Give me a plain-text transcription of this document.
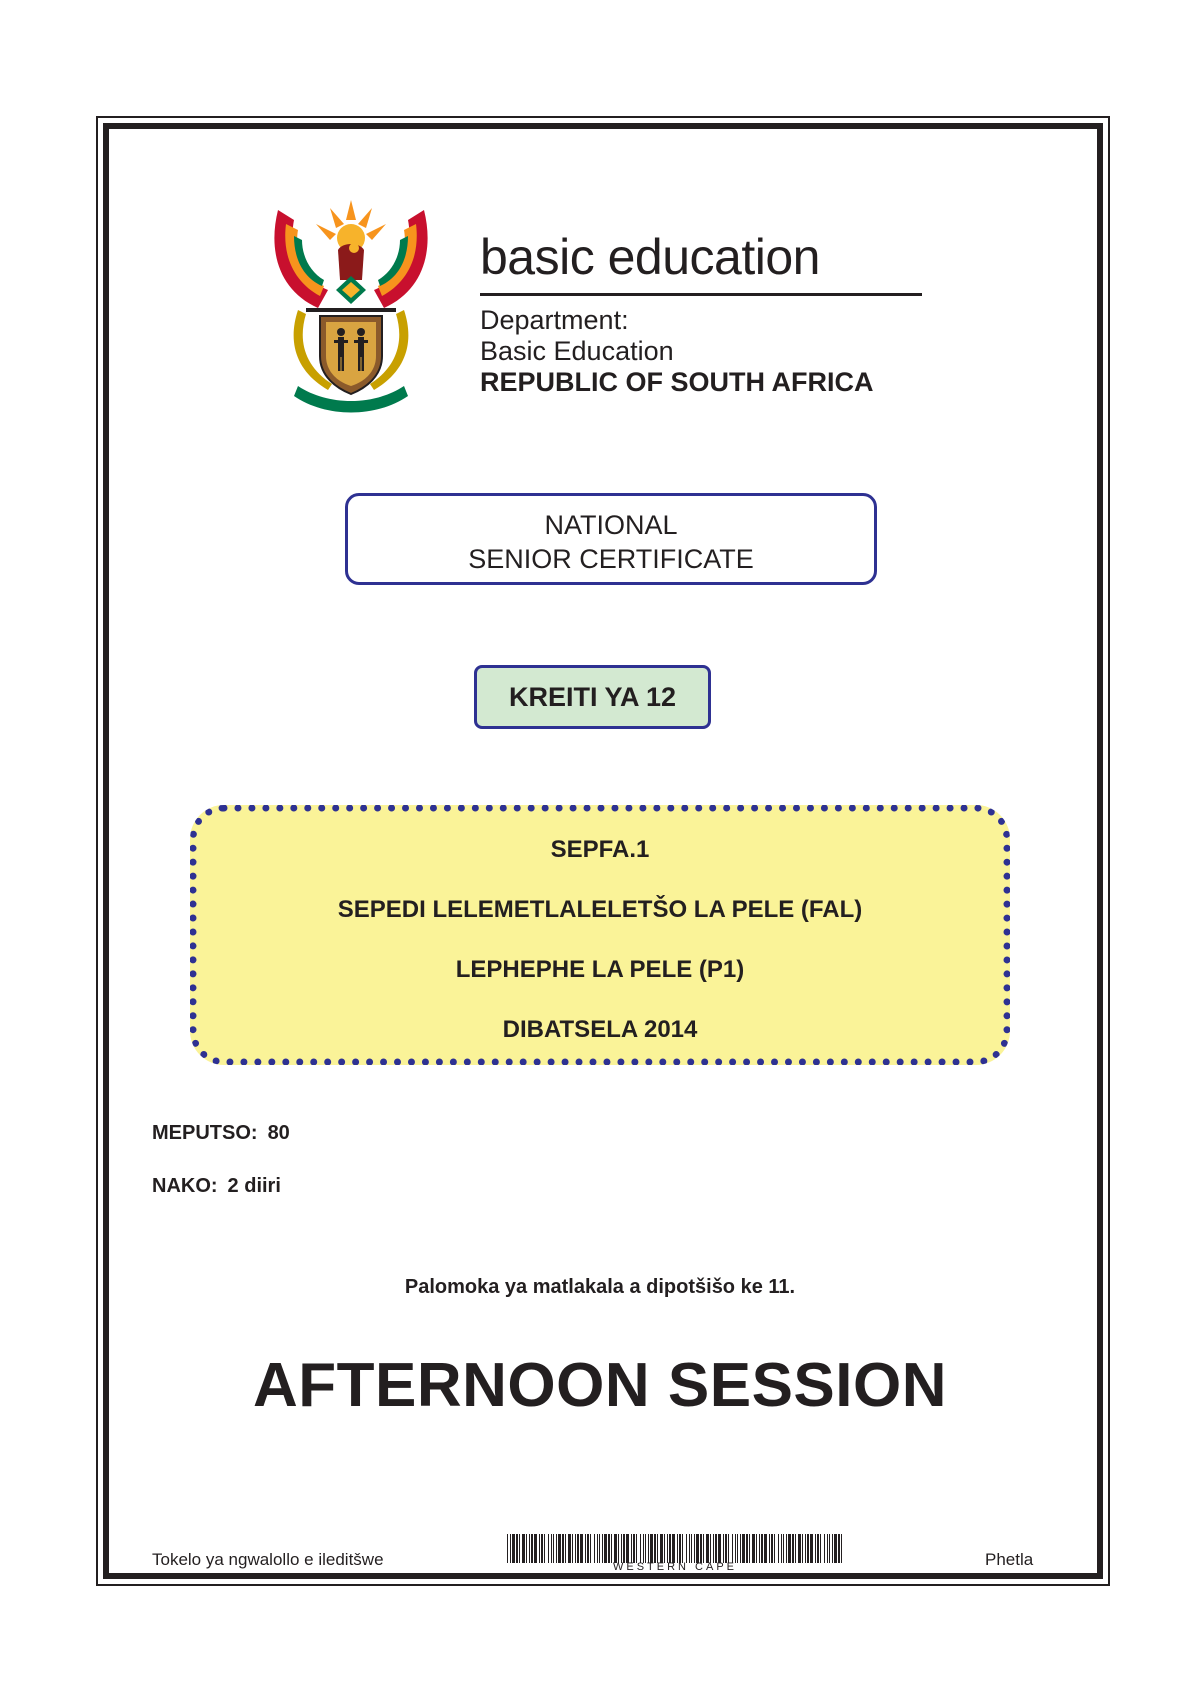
basic education
Department:
Basic Education
REPUBLIC OF SOUTH AFRICA
NATIONAL
SENIOR CERTIFICATE
KREITI YA 12
SEPFA.1
SEPEDI LELEMETLALELETŠO LA PELE (FAL)
LEPHEPHE LA PELE (P1)
DIBATSELA 2014
MEPUTSO: 80
NAKO: 2 diiri
Palomoka ya matlakala a dipotšišo ke 11.
AFTERNOON SESSION
Tokelo ya ngwalollo e ileditšwe	WESTERN CAPE	Phetla
